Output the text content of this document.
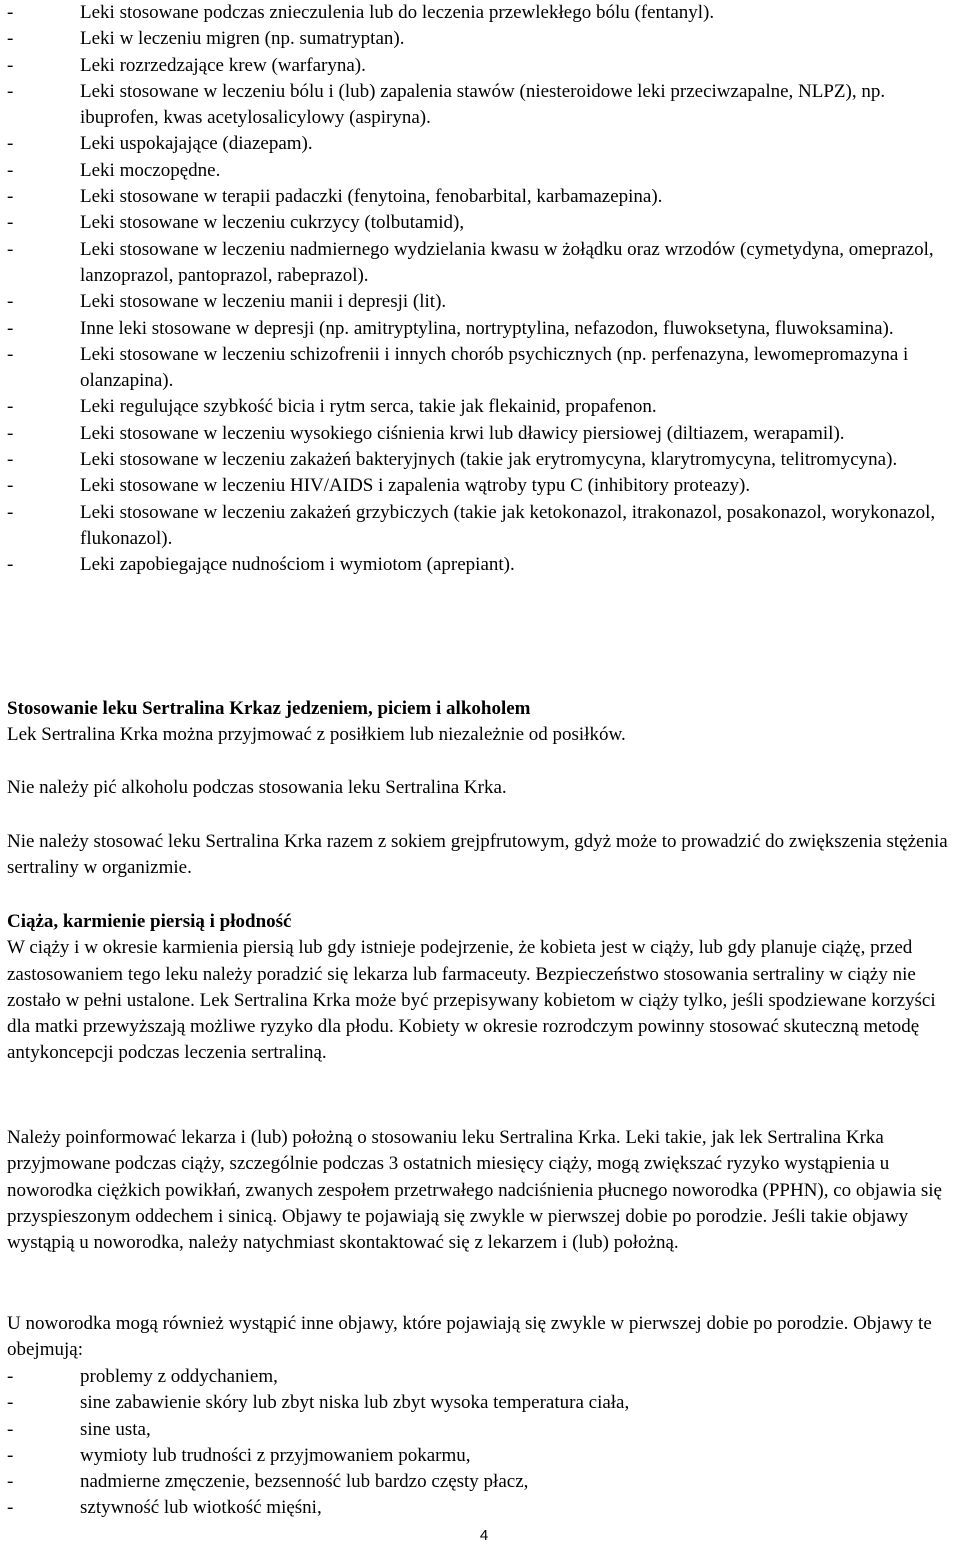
-	Leki stosowane podczas znieczulenia lub do leczenia przewlekłego bólu (fentanyl).
-	Leki w leczeniu migren (np. sumatryptan).
-	Leki rozrzedzające krew (warfaryna).
-	Leki stosowane w leczeniu bólu i (lub) zapalenia stawów (niesteroidowe leki przeciwzapalne, NLPZ), np. ibuprofen, kwas acetylosalicylowy (aspiryna).
-	Leki uspokajające (diazepam).
-	Leki moczopędne.
-	Leki stosowane w terapii padaczki (fenytoina, fenobarbital, karbamazepina).
-	Leki stosowane w leczeniu cukrzycy (tolbutamid),
-	Leki stosowane w leczeniu nadmiernego wydzielania kwasu w żołądku oraz wrzodów (cymetydyna, omeprazol, lanzoprazol, pantoprazol, rabeprazol).
-	Leki stosowane w leczeniu manii i depresji (lit).
-	Inne leki stosowane w depresji (np. amitryptylina, nortryptylina, nefazodon, fluwoksetyna, fluwoksamina).
-	Leki stosowane w leczeniu schizofrenii i innych chorób psychicznych (np. perfenazyna, lewomepromazyna i olanzapina).
-	Leki regulujące szybkość bicia i rytm serca, takie jak flekainid, propafenon.
-	Leki stosowane w leczeniu wysokiego ciśnienia krwi lub dławicy piersiowej (diltiazem, werapamil).
-	Leki stosowane w leczeniu zakażeń bakteryjnych (takie jak erytromycyna, klarytromycyna, telitromycyna).
-	Leki stosowane w leczeniu HIV/AIDS i zapalenia wątroby typu C (inhibitory proteazy).
-	Leki stosowane w leczeniu zakażeń grzybiczych (takie jak ketokonazol, itrakonazol, posakonazol, worykonazol, flukonazol).
-	Leki zapobiegające nudnościom i wymiotom (aprepiant).

Stosowanie leku Sertralina Krkaz jedzeniem, piciem i alkoholem

Lek Sertralina Krka można przyjmować z posiłkiem lub niezależnie od posiłków.

Nie należy pić alkoholu podczas stosowania leku Sertralina Krka.

Nie należy stosować leku Sertralina Krka razem z sokiem grejpfrutowym, gdyż może to prowadzić do zwiększenia stężenia sertraliny w organizmie.

Ciąża, karmienie piersią i płodność

W ciąży i w okresie karmienia piersią lub gdy istnieje podejrzenie, że kobieta jest w ciąży, lub gdy planuje ciążę, przed zastosowaniem tego leku należy poradzić się lekarza lub farmaceuty. Bezpieczeństwo stosowania sertraliny w ciąży nie zostało w pełni ustalone. Lek Sertralina Krka może być przepisywany kobietom w ciąży tylko, jeśli spodziewane korzyści dla matki przewyższają możliwe ryzyko dla płodu. Kobiety w okresie rozrodczym powinny stosować skuteczną metodę antykoncepcji podczas leczenia sertraliną.

Należy poinformować lekarza i (lub) położną o stosowaniu leku Sertralina Krka. Leki takie, jak lek Sertralina Krka przyjmowane podczas ciąży, szczególnie podczas 3 ostatnich miesięcy ciąży, mogą zwiększać ryzyko wystąpienia u noworodka ciężkich powikłań, zwanych zespołem przetrwałego nadciśnienia płucnego noworodka (PPHN), co objawia się przyspieszonym oddechem i sinicą. Objawy te pojawiają się zwykle w pierwszej dobie po porodzie. Jeśli takie objawy wystąpią u noworodka, należy natychmiast skontaktować się z lekarzem i (lub) położną.

U noworodka mogą również wystąpić inne objawy, które pojawiają się zwykle w pierwszej dobie po porodzie. Objawy te obejmują:

-	problemy z oddychaniem,
-	sine zabawienie skóry lub zbyt niska lub zbyt wysoka temperatura ciała,
-	sine usta,
-	wymioty lub trudności z przyjmowaniem pokarmu,
-	nadmierne zmęczenie, bezsenność lub bardzo częsty płacz,
-	sztywność lub wiotkość mięśni,
4
